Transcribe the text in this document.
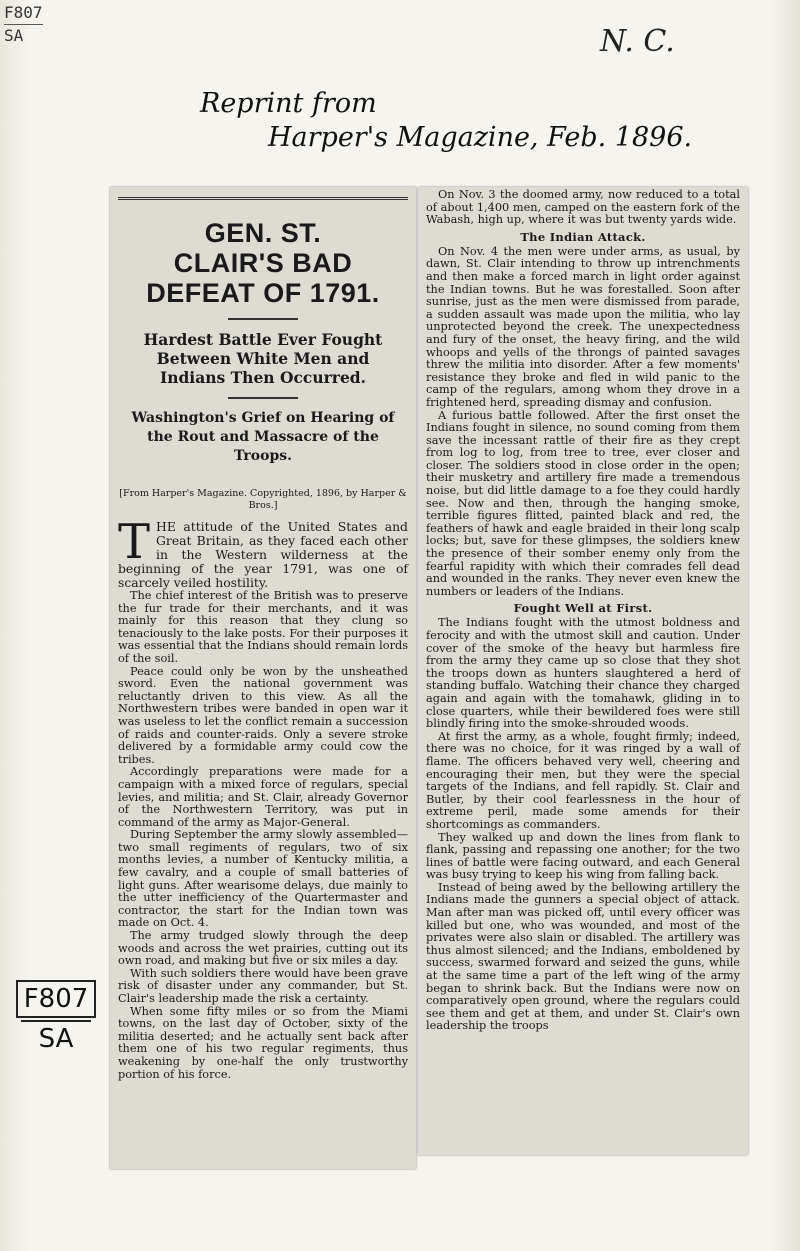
F807
SA	N. C.
Reprint from
Harper's Magazine, Feb. 1896.
F807
SA
GEN. ST.
CLAIR'S BAD
DEFEAT OF 1791.
Hardest Battle Ever Fought Between White Men and Indians Then Occurred.
Washington's Grief on Hearing of the Rout and Massacre of the Troops.
[From Harper's Magazine. Copyrighted, 1896, by Harper & Bros.]

THE attitude of the United States and Great Britain, as they faced each other in the Western wilderness at the beginning of the year 1791, was one of scarcely veiled hostility.

The chief interest of the British was to preserve the fur trade for their merchants, and it was mainly for this reason that they clung so tenaciously to the lake posts. For their purposes it was essential that the Indians should remain lords of the soil.

Peace could only be won by the unsheathed sword. Even the national government was reluctantly driven to this view. As all the Northwestern tribes were banded in open war it was useless to let the conflict remain a succession of raids and counter-raids. Only a severe stroke delivered by a formidable army could cow the tribes.

Accordingly preparations were made for a campaign with a mixed force of regulars, special levies, and militia; and St. Clair, already Governor of the Northwestern Territory, was put in command of the army as Major-General.

During September the army slowly assembled—two small regiments of regulars, two of six months levies, a number of Kentucky militia, a few cavalry, and a couple of small batteries of light guns. After wearisome delays, due mainly to the utter inefficiency of the Quartermaster and contractor, the start for the Indian town was made on Oct. 4.

The army trudged slowly through the deep woods and across the wet prairies, cutting out its own road, and making but five or six miles a day.

With such soldiers there would have been grave risk of disaster under any commander, but St. Clair's leadership made the risk a certainty.

When some fifty miles or so from the Miami towns, on the last day of October, sixty of the militia deserted; and he actually sent back after them one of his two regular regiments, thus weakening by one-half the only trustworthy portion of his force.

On Nov. 3 the doomed army, now reduced to a total of about 1,400 men, camped on the eastern fork of the Wabash, high up, where it was but twenty yards wide.

The Indian Attack.

On Nov. 4 the men were under arms, as usual, by dawn, St. Clair intending to throw up intrenchments and then make a forced march in light order against the Indian towns. But he was forestalled. Soon after sunrise, just as the men were dismissed from parade, a sudden assault was made upon the militia, who lay unprotected beyond the creek. The unexpectedness and fury of the onset, the heavy firing, and the wild whoops and yells of the throngs of painted savages threw the militia into disorder. After a few moments' resistance they broke and fled in wild panic to the camp of the regulars, among whom they drove in a frightened herd, spreading dismay and confusion.

A furious battle followed. After the first onset the Indians fought in silence, no sound coming from them save the incessant rattle of their fire as they crept from log to log, from tree to tree, ever closer and closer. The soldiers stood in close order in the open; their musketry and artillery fire made a tremendous noise, but did little damage to a foe they could hardly see. Now and then, through the hanging smoke, terrible figures flitted, painted black and red, the feathers of hawk and eagle braided in their long scalp locks; but, save for these glimpses, the soldiers knew the presence of their somber enemy only from the fearful rapidity with which their comrades fell dead and wounded in the ranks. They never even knew the numbers or leaders of the Indians.

Fought Well at First.

The Indians fought with the utmost boldness and ferocity and with the utmost skill and caution. Under cover of the smoke of the heavy but harmless fire from the army they came up so close that they shot the troops down as hunters slaughtered a herd of standing buffalo. Watching their chance they charged again and again with the tomahawk, gliding in to close quarters, while their bewildered foes were still blindly firing into the smoke-shrouded woods.

At first the army, as a whole, fought firmly; indeed, there was no choice, for it was ringed by a wall of flame. The officers behaved very well, cheering and encouraging their men, but they were the special targets of the Indians, and fell rapidly. St. Clair and Butler, by their cool fearlessness in the hour of extreme peril, made some amends for their shortcomings as commanders.

They walked up and down the lines from flank to flank, passing and repassing one another; for the two lines of battle were facing outward, and each General was busy trying to keep his wing from falling back.

Instead of being awed by the bellowing artillery the Indians made the gunners a special object of attack. Man after man was picked off, until every officer was killed but one, who was wounded, and most of the privates were also slain or disabled. The artillery was thus almost silenced; and the Indians, emboldened by success, swarmed forward and seized the guns, while at the same time a part of the left wing of the army began to shrink back. But the Indians were now on comparatively open ground, where the regulars could see them and get at them, and under St. Clair's own leadership the troops
